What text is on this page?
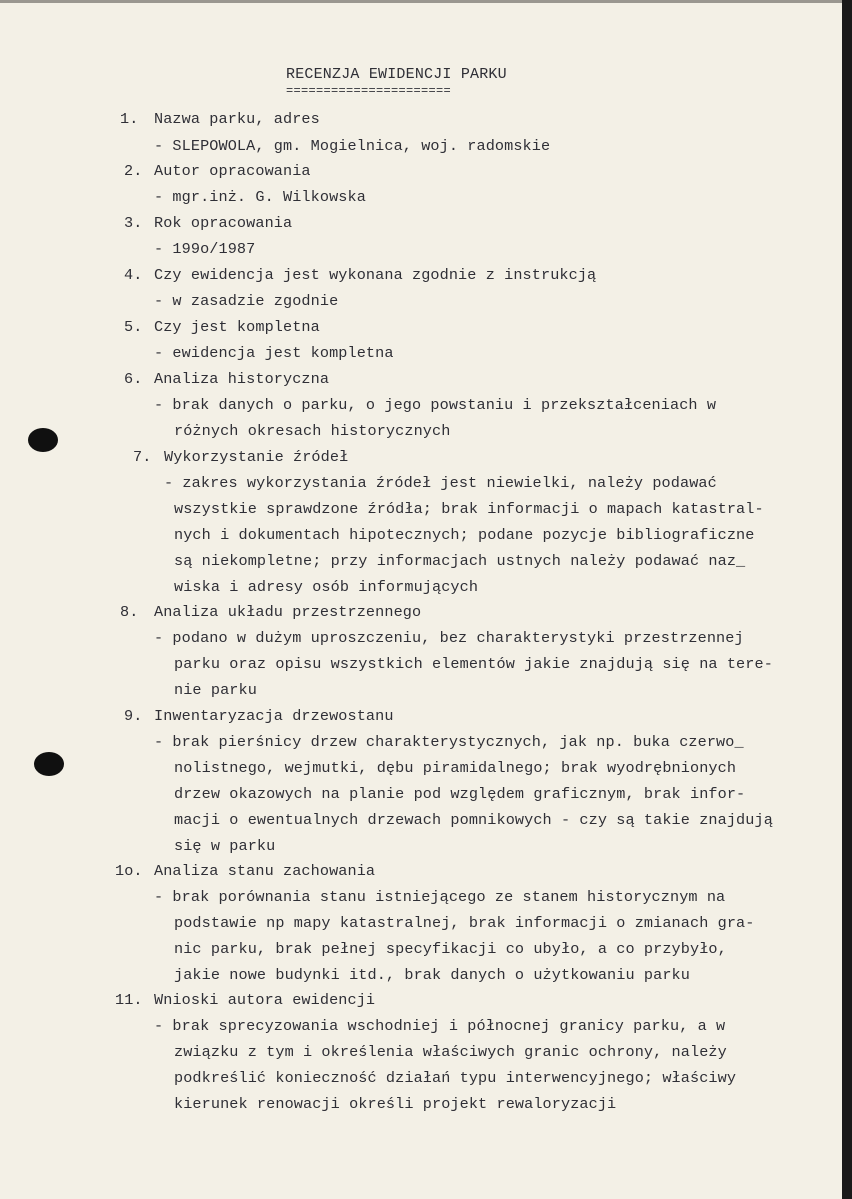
RECENZJA EWIDENCJI PARKU
======================
1. Nazwa parku, adres
- SLEPOWOLA, gm. Mogielnica, woj. radomskie
2. Autor opracowania
- mgr.inż. G. Wilkowska
3. Rok opracowania
- 199o/1987
4. Czy ewidencja jest wykonana zgodnie z instrukcją
- w zasadzie zgodnie
5. Czy jest kompletna
- ewidencja jest kompletna
6. Analiza historyczna
- brak danych o parku, o jego powstaniu i przekształceniach w
różnych okresach historycznych
7. Wykorzystanie źródeł
- zakres wykorzystania źródeł jest niewielki, należy podawać
wszystkie sprawdzone źródła; brak informacji o mapach katastral-
nych i dokumentach hipotecznych; podane pozycje bibliograficzne
są niekompletne; przy informacjach ustnych należy podawać naz_
wiska i adresy osób informujących
8. Analiza układu przestrzennego
- podano w dużym uproszczeniu, bez charakterystyki przestrzennej
parku oraz opisu wszystkich elementów jakie znajdują się na tere-
nie parku
9. Inwentaryzacja drzewostanu
- brak pierśnicy drzew charakterystycznych, jak np. buka czerwo_
nolistnego, wejmutki, dębu piramidalnego; brak wyodrębnionych
drzew okazowych na planie pod względem graficznym, brak infor-
macji o ewentualnych drzewach pomnikowych - czy są takie znajdują
się w parku
1o. Analiza stanu zachowania
- brak porównania stanu istniejącego ze stanem historycznym na
podstawie np mapy katastralnej, brak informacji o zmianach gra-
nic parku, brak pełnej specyfikacji co ubyło, a co przybyło,
jakie nowe budynki itd., brak danych o użytkowaniu parku
11. Wnioski autora ewidencji
- brak sprecyzowania wschodniej i północnej granicy parku, a w
związku z tym i określenia właściwych granic ochrony, należy
podkreślić konieczność działań typu interwencyjnego; właściwy
kierunek renowacji określi projekt rewaloryzacji
